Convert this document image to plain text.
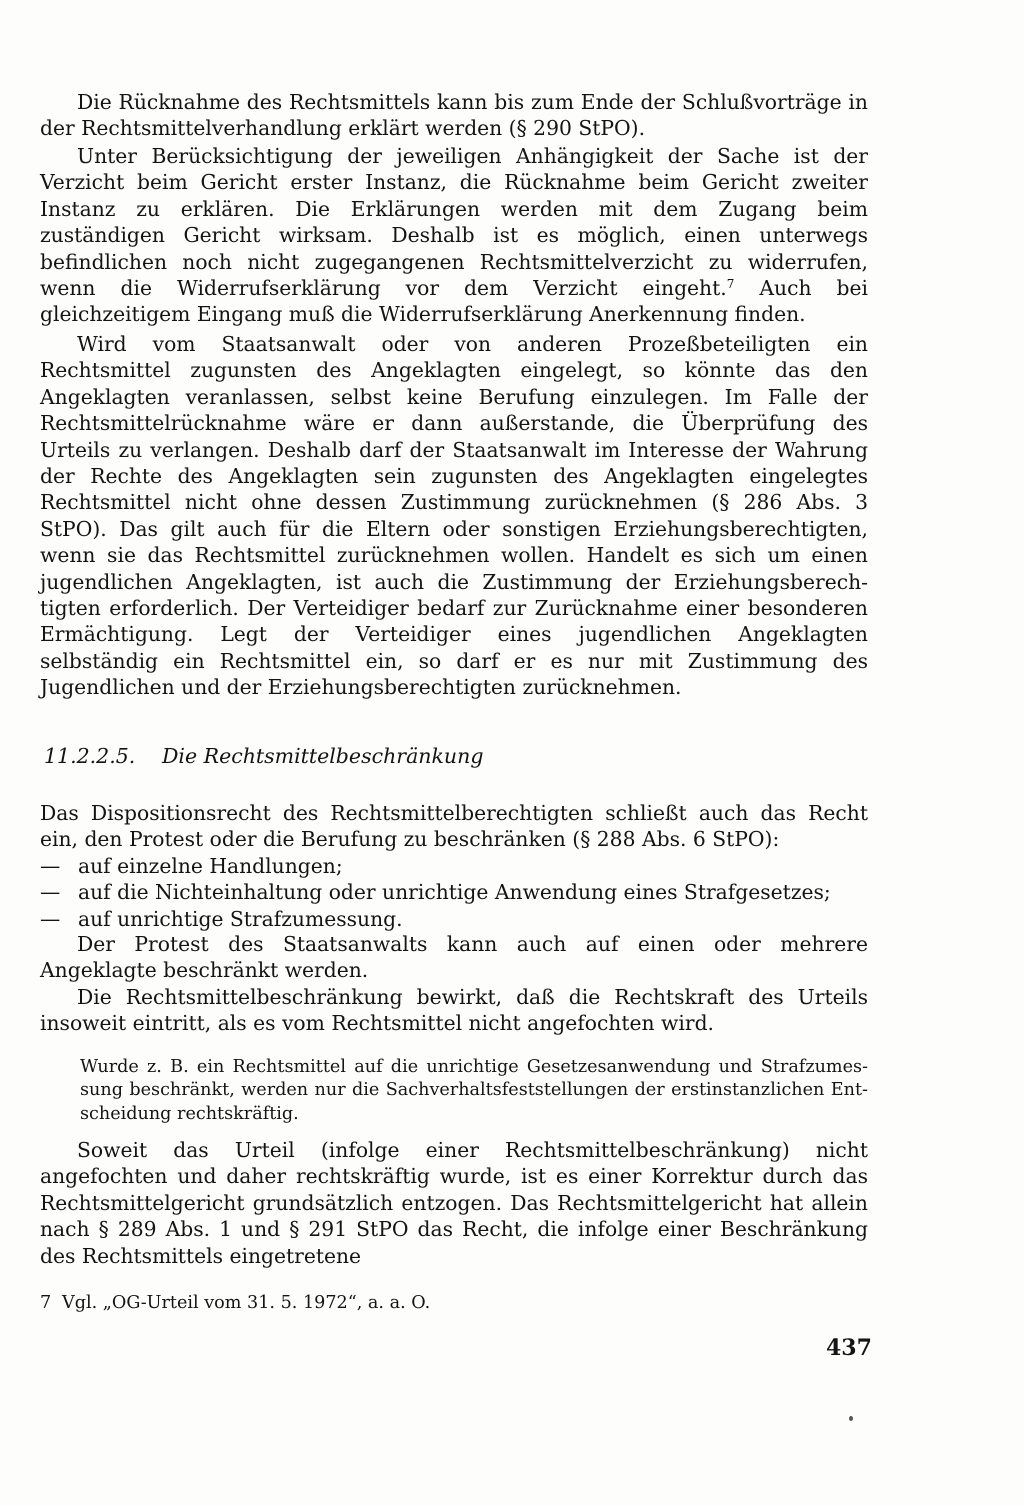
Die Rücknahme des Rechtsmittels kann bis zum Ende der Schlußvorträge in der Rechtsmittelverhandlung erklärt werden (§ 290 StPO).

Unter Berücksichtigung der jeweiligen Anhängigkeit der Sache ist der Verzicht beim Gericht erster Instanz, die Rücknahme beim Gericht zweiter Instanz zu erklären. Die Erklärungen werden mit dem Zugang beim zuständigen Gericht wirksam. Deshalb ist es möglich, einen unterwegs befindlichen noch nicht zugegangenen Rechtsmittelverzicht zu widerrufen, wenn die Widerrufserklärung vor dem Verzicht eingeht.$^7$ Auch bei gleichzeitigem Eingang muß die Widerrufserklärung Anerkennung finden.

Wird vom Staatsanwalt oder von anderen Prozeßbeteiligten ein Rechtsmittel zugunsten des Angeklagten eingelegt, so könnte das den Angeklagten veranlassen, selbst keine Berufung einzulegen. Im Falle der Rechtsmittelrücknahme wäre er dann außerstande, die Überprüfung des Urteils zu verlangen. Deshalb darf der Staatsanwalt im Interesse der Wahrung der Rechte des Angeklagten sein zugunsten des Angeklagten eingelegtes Rechtsmittel nicht ohne dessen Zustimmung zurücknehmen (§ 286 Abs. 3 StPO). Das gilt auch für die Eltern oder sonstigen Erziehungsberechtigten, wenn sie das Rechtsmittel zurücknehmen wollen. Handelt es sich um einen jugendlichen Angeklagten, ist auch die Zustimmung der Erziehungsberechtigten erforderlich. Der Verteidiger bedarf zur Zurücknahme einer besonderen Ermächtigung. Legt der Verteidiger eines jugendlichen Angeklagten selbständig ein Rechtsmittel ein, so darf er es nur mit Zustimmung des Jugendlichen und der Erziehungsberechtigten zurücknehmen.

11.2.2.5. Die Rechtsmittelbeschränkung

Das Dispositionsrecht des Rechtsmittelberechtigten schließt auch das Recht ein, den Protest oder die Berufung zu beschränken (§ 288 Abs. 6 StPO):

— auf einzelne Handlungen;
— auf die Nichteinhaltung oder unrichtige Anwendung eines Strafgesetzes;
— auf unrichtige Strafzumessung.

Der Protest des Staatsanwalts kann auch auf einen oder mehrere Angeklagte beschränkt werden.

Die Rechtsmittelbeschränkung bewirkt, daß die Rechtskraft des Urteils insoweit eintritt, als es vom Rechtsmittel nicht angefochten wird.

Wurde z. B. ein Rechtsmittel auf die unrichtige Gesetzesanwendung und Strafzumessung beschränkt, werden nur die Sachverhaltsfeststellungen der erstinstanzlichen Entscheidung rechtskräftig.

Soweit das Urteil (infolge einer Rechtsmittelbeschränkung) nicht angefochten und daher rechtskräftig wurde, ist es einer Korrektur durch das Rechtsmittelgericht grundsätzlich entzogen. Das Rechtsmittelgericht hat allein nach § 289 Abs. 1 und § 291 StPO das Recht, die infolge einer Beschränkung des Rechtsmittels eingetretene

7 Vgl. „OG-Urteil vom 31. 5. 1972“, a. a. O.
437
